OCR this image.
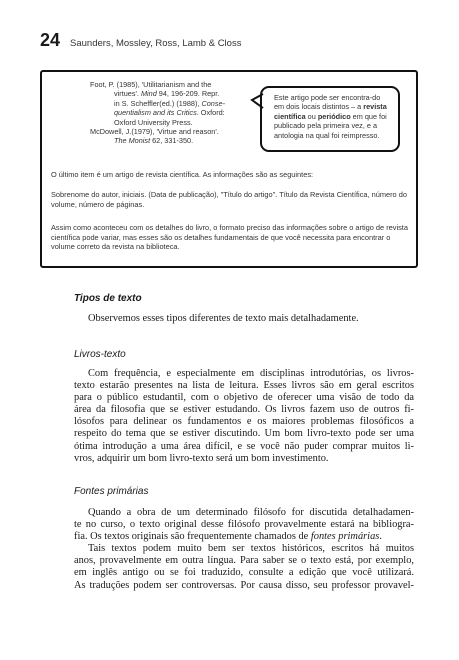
24 Saunders, Mossley, Ross, Lamb & Closs
Foot, P. (1985), 'Utilitarianism and the
virtues'. Mind 94, 196-209. Repr.
in S. Scheffler(ed.) (1988), Conse-
quentialism and its Critics. Oxford:
Oxford University Press.
McDowell, J.(1979), 'Virtue and reason'.
The Monist 62, 331-350.
Este artigo pode ser encontra-do em dois locais distintos – a revista científica ou periódico em que foi publicado pela primeira vez, e a antologia na qual foi reimpresso.
O último item é um artigo de revista científica. As informações são as seguintes:
Sobrenome do autor, iniciais. (Data de publicação), "Título do artigo". Título da Revista Científica, número do volume, número de páginas.
Assim como aconteceu com os detalhes do livro, o formato preciso das informações sobre o artigo de revista científica pode variar, mas esses são os detalhes fundamentais de que você necessita para encontrar o volume correto da revista na biblioteca.
Tipos de texto
Observemos esses tipos diferentes de texto mais detalhadamente.
Livros-texto
Com frequência, e especialmente em disciplinas introdutórias, os livros-
texto estarão presentes na lista de leitura. Esses livros são em geral escritos
para o público estudantil, com o objetivo de oferecer uma visão de todo da
área da filosofia que se estiver estudando. Os livros fazem uso de outros fi-
lósofos para delinear os fundamentos e os maiores problemas filosóficos a
respeito do tema que se estiver discutindo. Um bom livro-texto pode ser uma
ótima introdução a uma área difícil, e se você não puder comprar muitos li-
vros, adquirir um bom livro-texto será um bom investimento.
Fontes primárias
Quando a obra de um determinado filósofo for discutida detalhadamen-
te no curso, o texto original desse filósofo provavelmente estará na bibliogra-
fia. Os textos originais são frequentemente chamados de fontes primárias.
Tais textos podem muito bem ser textos históricos, escritos há muitos
anos, provavelmente em outra língua. Para saber se o texto está, por exemplo,
em inglês antigo ou se foi traduzido, consulte a edição que você utilizará.
As traduções podem ser controversas. Por causa disso, seu professor provavel-
